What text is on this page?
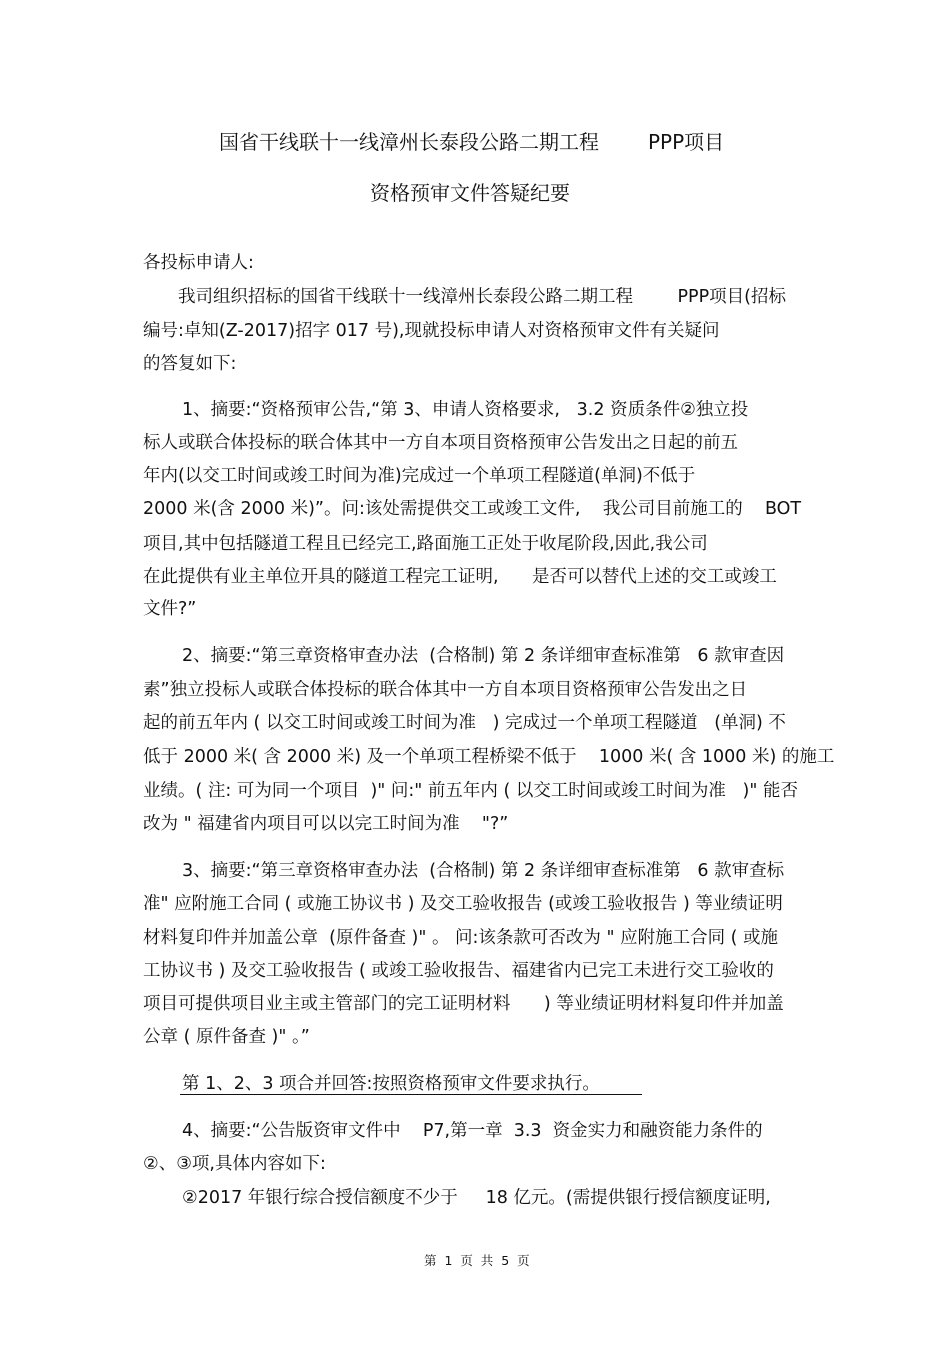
国省干线联十一线漳州长泰段公路二期工程 PPP项目
资格预审文件答疑纪要
各投标申请人:
我司组织招标的国省干线联十一线漳州长泰段公路二期工程        PPP项目(招标
编号:卓知(Z-2017)招字 017 号),现就投标申请人对资格预审文件有关疑问
的答复如下:
1、摘要:“资格预审公告,“第 3、申请人资格要求,   3.2 资质条件②独立投
标人或联合体投标的联合体其中一方自本项目资格预审公告发出之日起的前五
年内(以交工时间或竣工时间为准)完成过一个单项工程隧道(单洞)不低于
2000 米(含 2000 米)”。问:该处需提供交工或竣工文件,    我公司目前施工的    BOT
项目,其中包括隧道工程且已经完工,路面施工正处于收尾阶段,因此,我公司
在此提供有业主单位开具的隧道工程完工证明,      是否可以替代上述的交工或竣工
文件?”
2、摘要:“第三章资格审查办法  (合格制) 第 2 条详细审查标准第   6 款审查因
素”独立投标人或联合体投标的联合体其中一方自本项目资格预审公告发出之日
起的前五年内 ( 以交工时间或竣工时间为准   ) 完成过一个单项工程隧道   (单洞) 不
低于 2000 米( 含 2000 米) 及一个单项工程桥梁不低于    1000 米( 含 1000 米) 的施工
业绩。( 注: 可为同一个项目  )" 问:" 前五年内 ( 以交工时间或竣工时间为准   )" 能否
改为 " 福建省内项目可以以完工时间为准    "?”
3、摘要:“第三章资格审查办法  (合格制) 第 2 条详细审查标准第   6 款审查标
准" 应附施工合同 ( 或施工协议书 ) 及交工验收报告 (或竣工验收报告 ) 等业绩证明
材料复印件并加盖公章  (原件备查 )" 。 问:该条款可否改为 " 应附施工合同 ( 或施
工协议书 ) 及交工验收报告 ( 或竣工验收报告、福建省内已完工未进行交工验收的
项目可提供项目业主或主管部门的完工证明材料      ) 等业绩证明材料复印件并加盖
公章 ( 原件备查 )" 。”
第 1、2、3 项合并回答:按照资格预审文件要求执行。
4、摘要:“公告版资审文件中    P7,第一章  3.3  资金实力和融资能力条件的
②、③项,具体内容如下:
②2017 年银行综合授信额度不少于     18 亿元。(需提供银行授信额度证明,
第  1  页  共  5  页
